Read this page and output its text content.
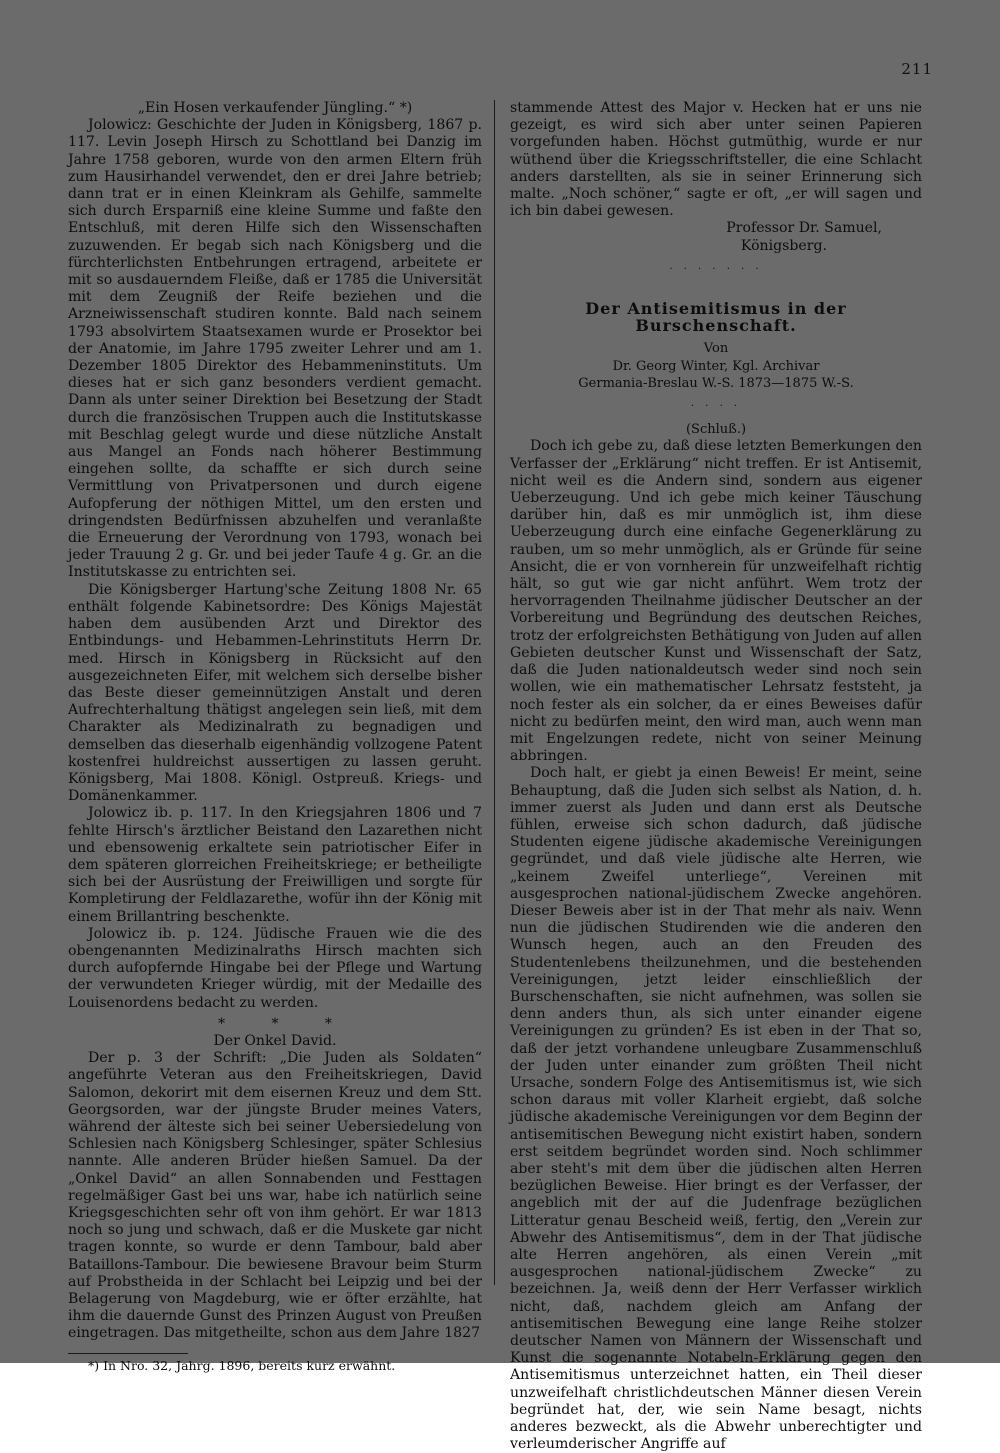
211

„Ein Hosen verkaufender Jüngling.“ *)

Jolowicz: Geschichte der Juden in Königsberg, 1867 p. 117. Levin Joseph Hirsch zu Schottland bei Danzig im Jahre 1758 geboren, wurde von den armen Eltern früh zum Hausirhandel verwendet, den er drei Jahre betrieb; dann trat er in einen Kleinkram als Gehilfe, sammelte sich durch Ersparniß eine kleine Summe und faßte den Entschluß, mit deren Hilfe sich den Wissenschaften zuzuwenden. Er begab sich nach Königsberg und die fürchterlichsten Entbehrungen ertragend, arbeitete er mit so ausdauerndem Fleiße, daß er 1785 die Universität mit dem Zeugniß der Reife beziehen und die Arzneiwissenschaft studiren konnte. Bald nach seinem 1793 absolvirtem Staatsexamen wurde er Prosektor bei der Anatomie, im Jahre 1795 zweiter Lehrer und am 1. Dezember 1805 Direktor des Hebammeninstituts. Um dieses hat er sich ganz besonders verdient gemacht. Dann als unter seiner Direktion bei Besetzung der Stadt durch die französischen Truppen auch die Institutskasse mit Beschlag gelegt wurde und diese nützliche Anstalt aus Mangel an Fonds nach höherer Bestimmung eingehen sollte, da schaffte er sich durch seine Vermittlung von Privatpersonen und durch eigene Aufopferung der nöthigen Mittel, um den ersten und dringendsten Bedürfnissen abzuhelfen und veranlaßte die Erneuerung der Verordnung von 1793, wonach bei jeder Trauung 2 g. Gr. und bei jeder Taufe 4 g. Gr. an die Institutskasse zu entrichten sei.

Die Königsberger Hartung'sche Zeitung 1808 Nr. 65 enthält folgende Kabinetsordre: Des Königs Majestät haben dem ausübenden Arzt und Direktor des Entbindungs- und Hebammen-Lehrinstituts Herrn Dr. med. Hirsch in Königsberg in Rücksicht auf den ausgezeichneten Eifer, mit welchem sich derselbe bisher das Beste dieser gemeinnützigen Anstalt und deren Aufrechterhaltung thätigst angelegen sein ließ, mit dem Charakter als Medizinalrath zu begnadigen und demselben das dieserhalb eigenhändig vollzogene Patent kostenfrei huldreichst aussertigen zu lassen geruht. Königsberg, Mai 1808. Königl. Ostpreuß. Kriegs- und Domänenkammer.

Jolowicz ib. p. 117. In den Kriegsjahren 1806 und 7 fehlte Hirsch's ärztlicher Beistand den Lazarethen nicht und ebensowenig erkaltete sein patriotischer Eifer in dem späteren glorreichen Freiheitskriege; er betheiligte sich bei der Ausrüstung der Freiwilligen und sorgte für Kompletirung der Feldlazarethe, wofür ihn der König mit einem Brillantring beschenkte.

Jolowicz ib. p. 124. Jüdische Frauen wie die des obengenannten Medizinalraths Hirsch machten sich durch aufopfernde Hingabe bei der Pflege und Wartung der verwundeten Krieger würdig, mit der Medaille des Louisenordens bedacht zu werden.

*	*	*

Der Onkel David.

Der p. 3 der Schrift: „Die Juden als Soldaten“ angeführte Veteran aus den Freiheitskriegen, David Salomon, dekorirt mit dem eisernen Kreuz und dem Stt. Georgsorden, war der jüngste Bruder meines Vaters, während der älteste sich bei seiner Uebersiedelung von Schlesien nach Königsberg Schlesinger, später Schlesius nannte. Alle anderen Brüder hießen Samuel. Da der „Onkel David“ an allen Sonnabenden und Festtagen regelmäßiger Gast bei uns war, habe ich natürlich seine Kriegsgeschichten sehr oft von ihm gehört. Er war 1813 noch so jung und schwach, daß er die Muskete gar nicht tragen konnte, so wurde er denn Tambour, bald aber Bataillons-Tambour. Die bewiesene Bravour beim Sturm auf Probstheida in der Schlacht bei Leipzig und bei der Belagerung von Magdeburg, wie er öfter erzählte, hat ihm die dauernde Gunst des Prinzen August von Preußen eingetragen. Das mitgetheilte, schon aus dem Jahre 1827

*) In Nro. 32, Jahrg. 1896, bereits kurz erwähnt.

stammende Attest des Major v. Hecken hat er uns nie gezeigt, es wird sich aber unter seinen Papieren vorgefunden haben. Höchst gutmüthig, wurde er nur wüthend über die Kriegsschriftsteller, die eine Schlacht anders darstellten, als sie in seiner Erinnerung sich malte. „Noch schöner,“ sagte er oft, „er will sagen und ich bin dabei gewesen.

Professor Dr. Samuel,

Königsberg.

· · · · · · ·

Der Antisemitismus in der Burschenschaft.

Von

Dr. Georg Winter, Kgl. Archivar

Germania-Breslau W.-S. 1873—1875 W.-S.

· · · ·

(Schluß.)

Doch ich gebe zu, daß diese letzten Bemerkungen den Verfasser der „Erklärung“ nicht treffen. Er ist Antisemit, nicht weil es die Andern sind, sondern aus eigener Ueberzeugung. Und ich gebe mich keiner Täuschung darüber hin, daß es mir unmöglich ist, ihm diese Ueberzeugung durch eine einfache Gegenerklärung zu rauben, um so mehr unmöglich, als er Gründe für seine Ansicht, die er von vornherein für unzweifelhaft richtig hält, so gut wie gar nicht anführt. Wem trotz der hervorragenden Theilnahme jüdischer Deutscher an der Vorbereitung und Begründung des deutschen Reiches, trotz der erfolgreichsten Bethätigung von Juden auf allen Gebieten deutscher Kunst und Wissenschaft der Satz, daß die Juden nationaldeutsch weder sind noch sein wollen, wie ein mathematischer Lehrsatz feststeht, ja noch fester als ein solcher, da er eines Beweises dafür nicht zu bedürfen meint, den wird man, auch wenn man mit Engelzungen redete, nicht von seiner Meinung abbringen.

Doch halt, er giebt ja einen Beweis! Er meint, seine Behauptung, daß die Juden sich selbst als Nation, d. h. immer zuerst als Juden und dann erst als Deutsche fühlen, erweise sich schon dadurch, daß jüdische Studenten eigene jüdische akademische Vereinigungen gegründet, und daß viele jüdische alte Herren, wie „keinem Zweifel unterliege“, Vereinen mit ausgesprochen national-jüdischem Zwecke angehören. Dieser Beweis aber ist in der That mehr als naiv. Wenn nun die jüdischen Studirenden wie die anderen den Wunsch hegen, auch an den Freuden des Studentenlebens theilzunehmen, und die bestehenden Vereinigungen, jetzt leider einschließlich der Burschenschaften, sie nicht aufnehmen, was sollen sie denn anders thun, als sich unter einander eigene Vereinigungen zu gründen? Es ist eben in der That so, daß der jetzt vorhandene unleugbare Zusammenschluß der Juden unter einander zum größten Theil nicht Ursache, sondern Folge des Antisemitismus ist, wie sich schon daraus mit voller Klarheit ergiebt, daß solche jüdische akademische Vereinigungen vor dem Beginn der antisemitischen Bewegung nicht existirt haben, sondern erst seitdem begründet worden sind. Noch schlimmer aber steht's mit dem über die jüdischen alten Herren bezüglichen Beweise. Hier bringt es der Verfasser, der angeblich mit der auf die Judenfrage bezüglichen Litteratur genau Bescheid weiß, fertig, den „Verein zur Abwehr des Antisemitismus“, dem in der That jüdische alte Herren angehören, als einen Verein „mit ausgesprochen national-jüdischem Zwecke“ zu bezeichnen. Ja, weiß denn der Herr Verfasser wirklich nicht, daß, nachdem gleich am Anfang der antisemitischen Bewegung eine lange Reihe stolzer deutscher Namen von Männern der Wissenschaft und Kunst die sogenannte Notabeln-Erklärung gegen den Antisemitismus unterzeichnet hatten, ein Theil dieser unzweifelhaft christlichdeutschen Männer diesen Verein begründet hat, der, wie sein Name besagt, nichts anderes bezweckt, als die Abwehr unberechtigter und verleumderischer Angriffe auf
